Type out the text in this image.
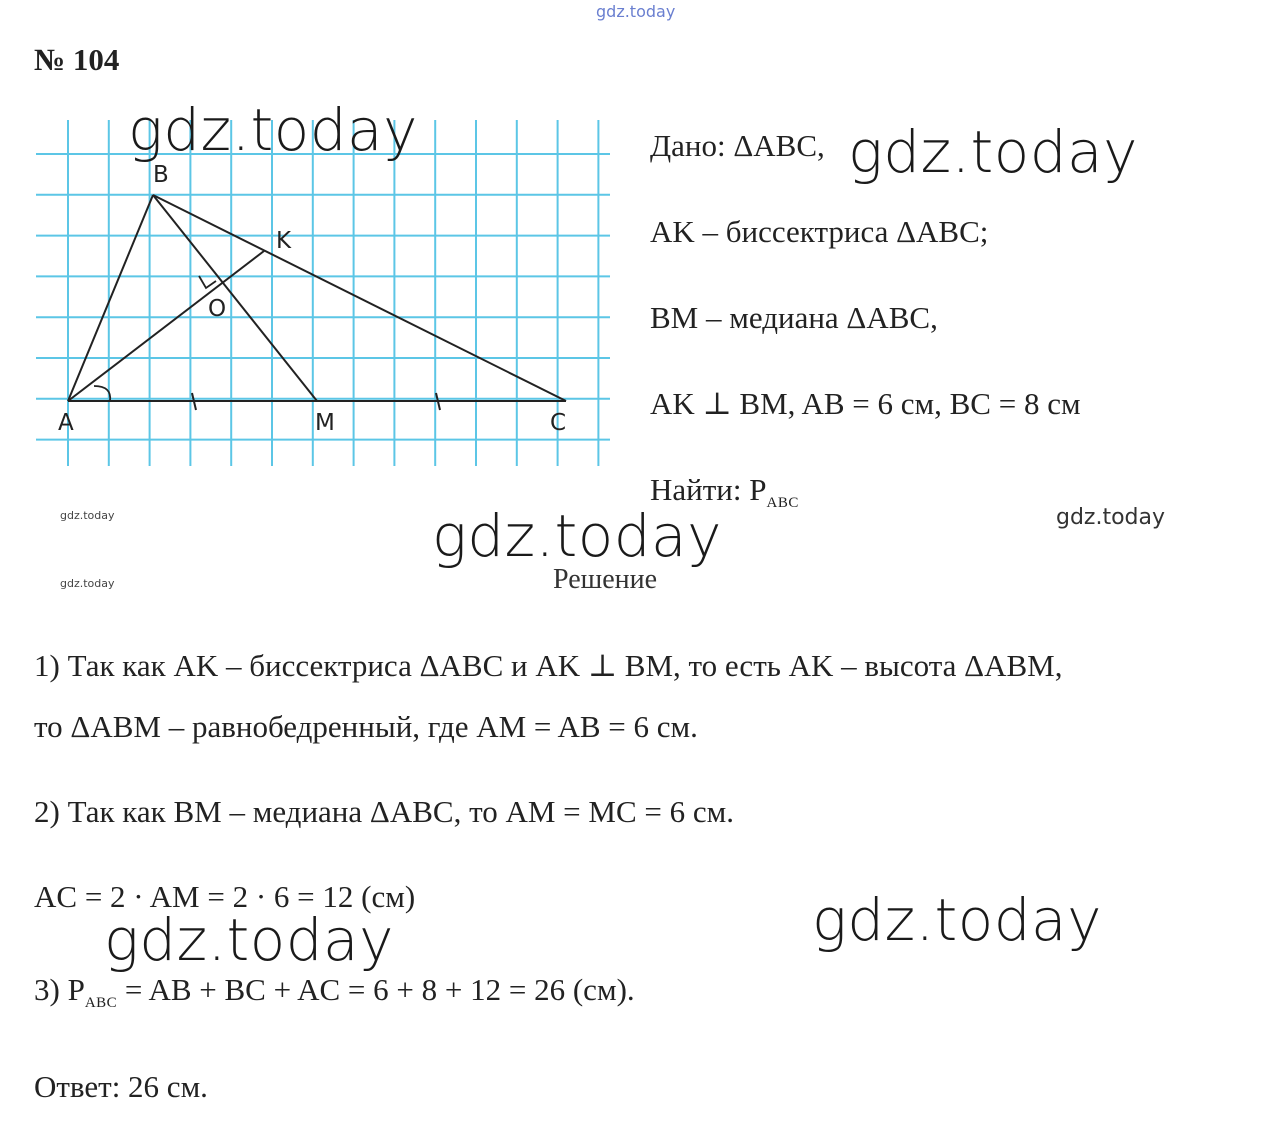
gdz.today
№ 104
B
K
O
A	M	C
Дано: ΔABC,
AK – биссектриса ΔABC;
BM – медиана ΔABC,
AK ⊥ BM, AB = 6 см, BC = 8 см
Найти: $P_{ABC}$
Решение
1) Так как AK – биссектриса ΔABC и AK ⊥ BM, то есть AK – высота ΔABM,
то ΔABM – равнобедренный, где AM = AB = 6 см.
2) Так как BM – медиана ΔABC, то AM = MC = 6 см.
AC = 2 · AM = 2 · 6 = 12 (см)
3) $P_{ABC}$ = AB + BC + AC = 6 + 8 + 12 = 26 (см).
Ответ: 26 см.
gdz.today	gdz.today
gdz.today
gdz.today	gdz.today
gdz.today
gdz.today
gdz.today
